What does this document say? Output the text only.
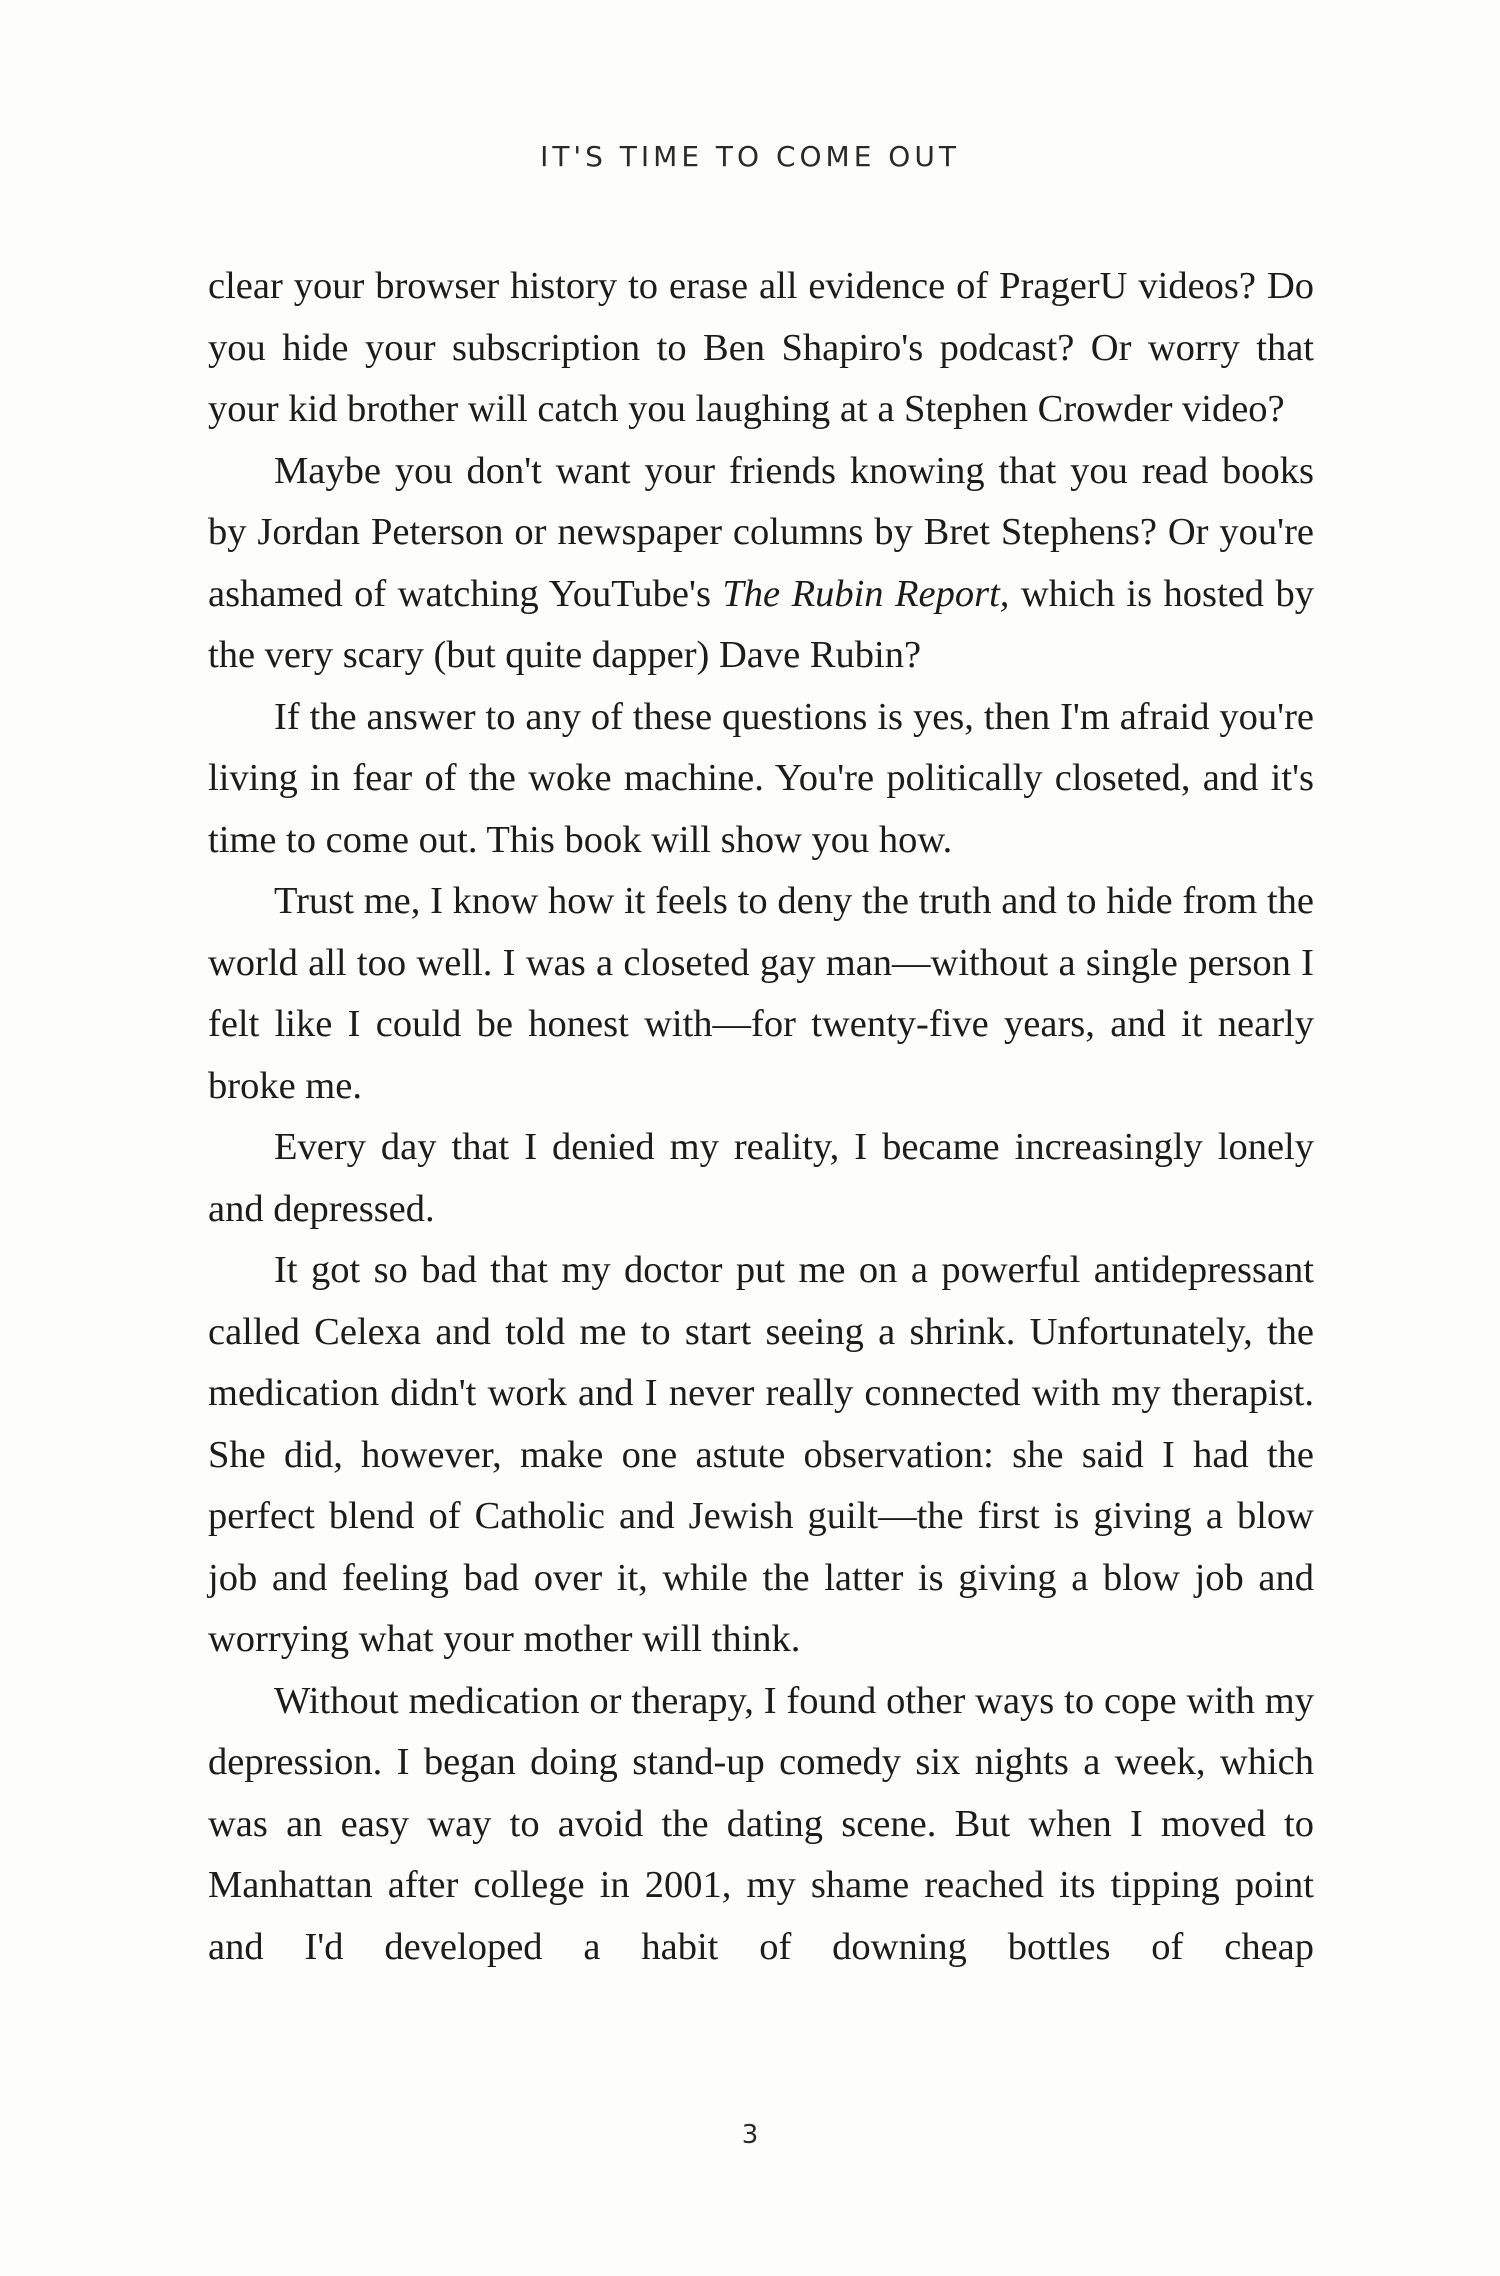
IT'S TIME TO COME OUT

clear your browser history to erase all evidence of PragerU videos? Do you hide your subscription to Ben Shapiro's podcast? Or worry that your kid brother will catch you laughing at a Stephen Crowder video?

Maybe you don't want your friends knowing that you read books by Jordan Peterson or newspaper columns by Bret Stephens? Or you're ashamed of watching YouTube's The Rubin Report, which is hosted by the very scary (but quite dapper) Dave Rubin?

If the answer to any of these questions is yes, then I'm afraid you're living in fear of the woke machine. You're politically closeted, and it's time to come out. This book will show you how.

Trust me, I know how it feels to deny the truth and to hide from the world all too well. I was a closeted gay man—without a single person I felt like I could be honest with—for twenty-five years, and it nearly broke me.

Every day that I denied my reality, I became increasingly lonely and depressed.

It got so bad that my doctor put me on a powerful antidepressant called Celexa and told me to start seeing a shrink. Unfortunately, the medication didn't work and I never really connected with my therapist. She did, however, make one astute observation: she said I had the perfect blend of Catholic and Jewish guilt—the first is giving a blow job and feeling bad over it, while the latter is giving a blow job and worrying what your mother will think.

Without medication or therapy, I found other ways to cope with my depression. I began doing stand-up comedy six nights a week, which was an easy way to avoid the dating scene. But when I moved to Manhattan after college in 2001, my shame reached its tipping point and I'd developed a habit of downing bottles of cheap

3
